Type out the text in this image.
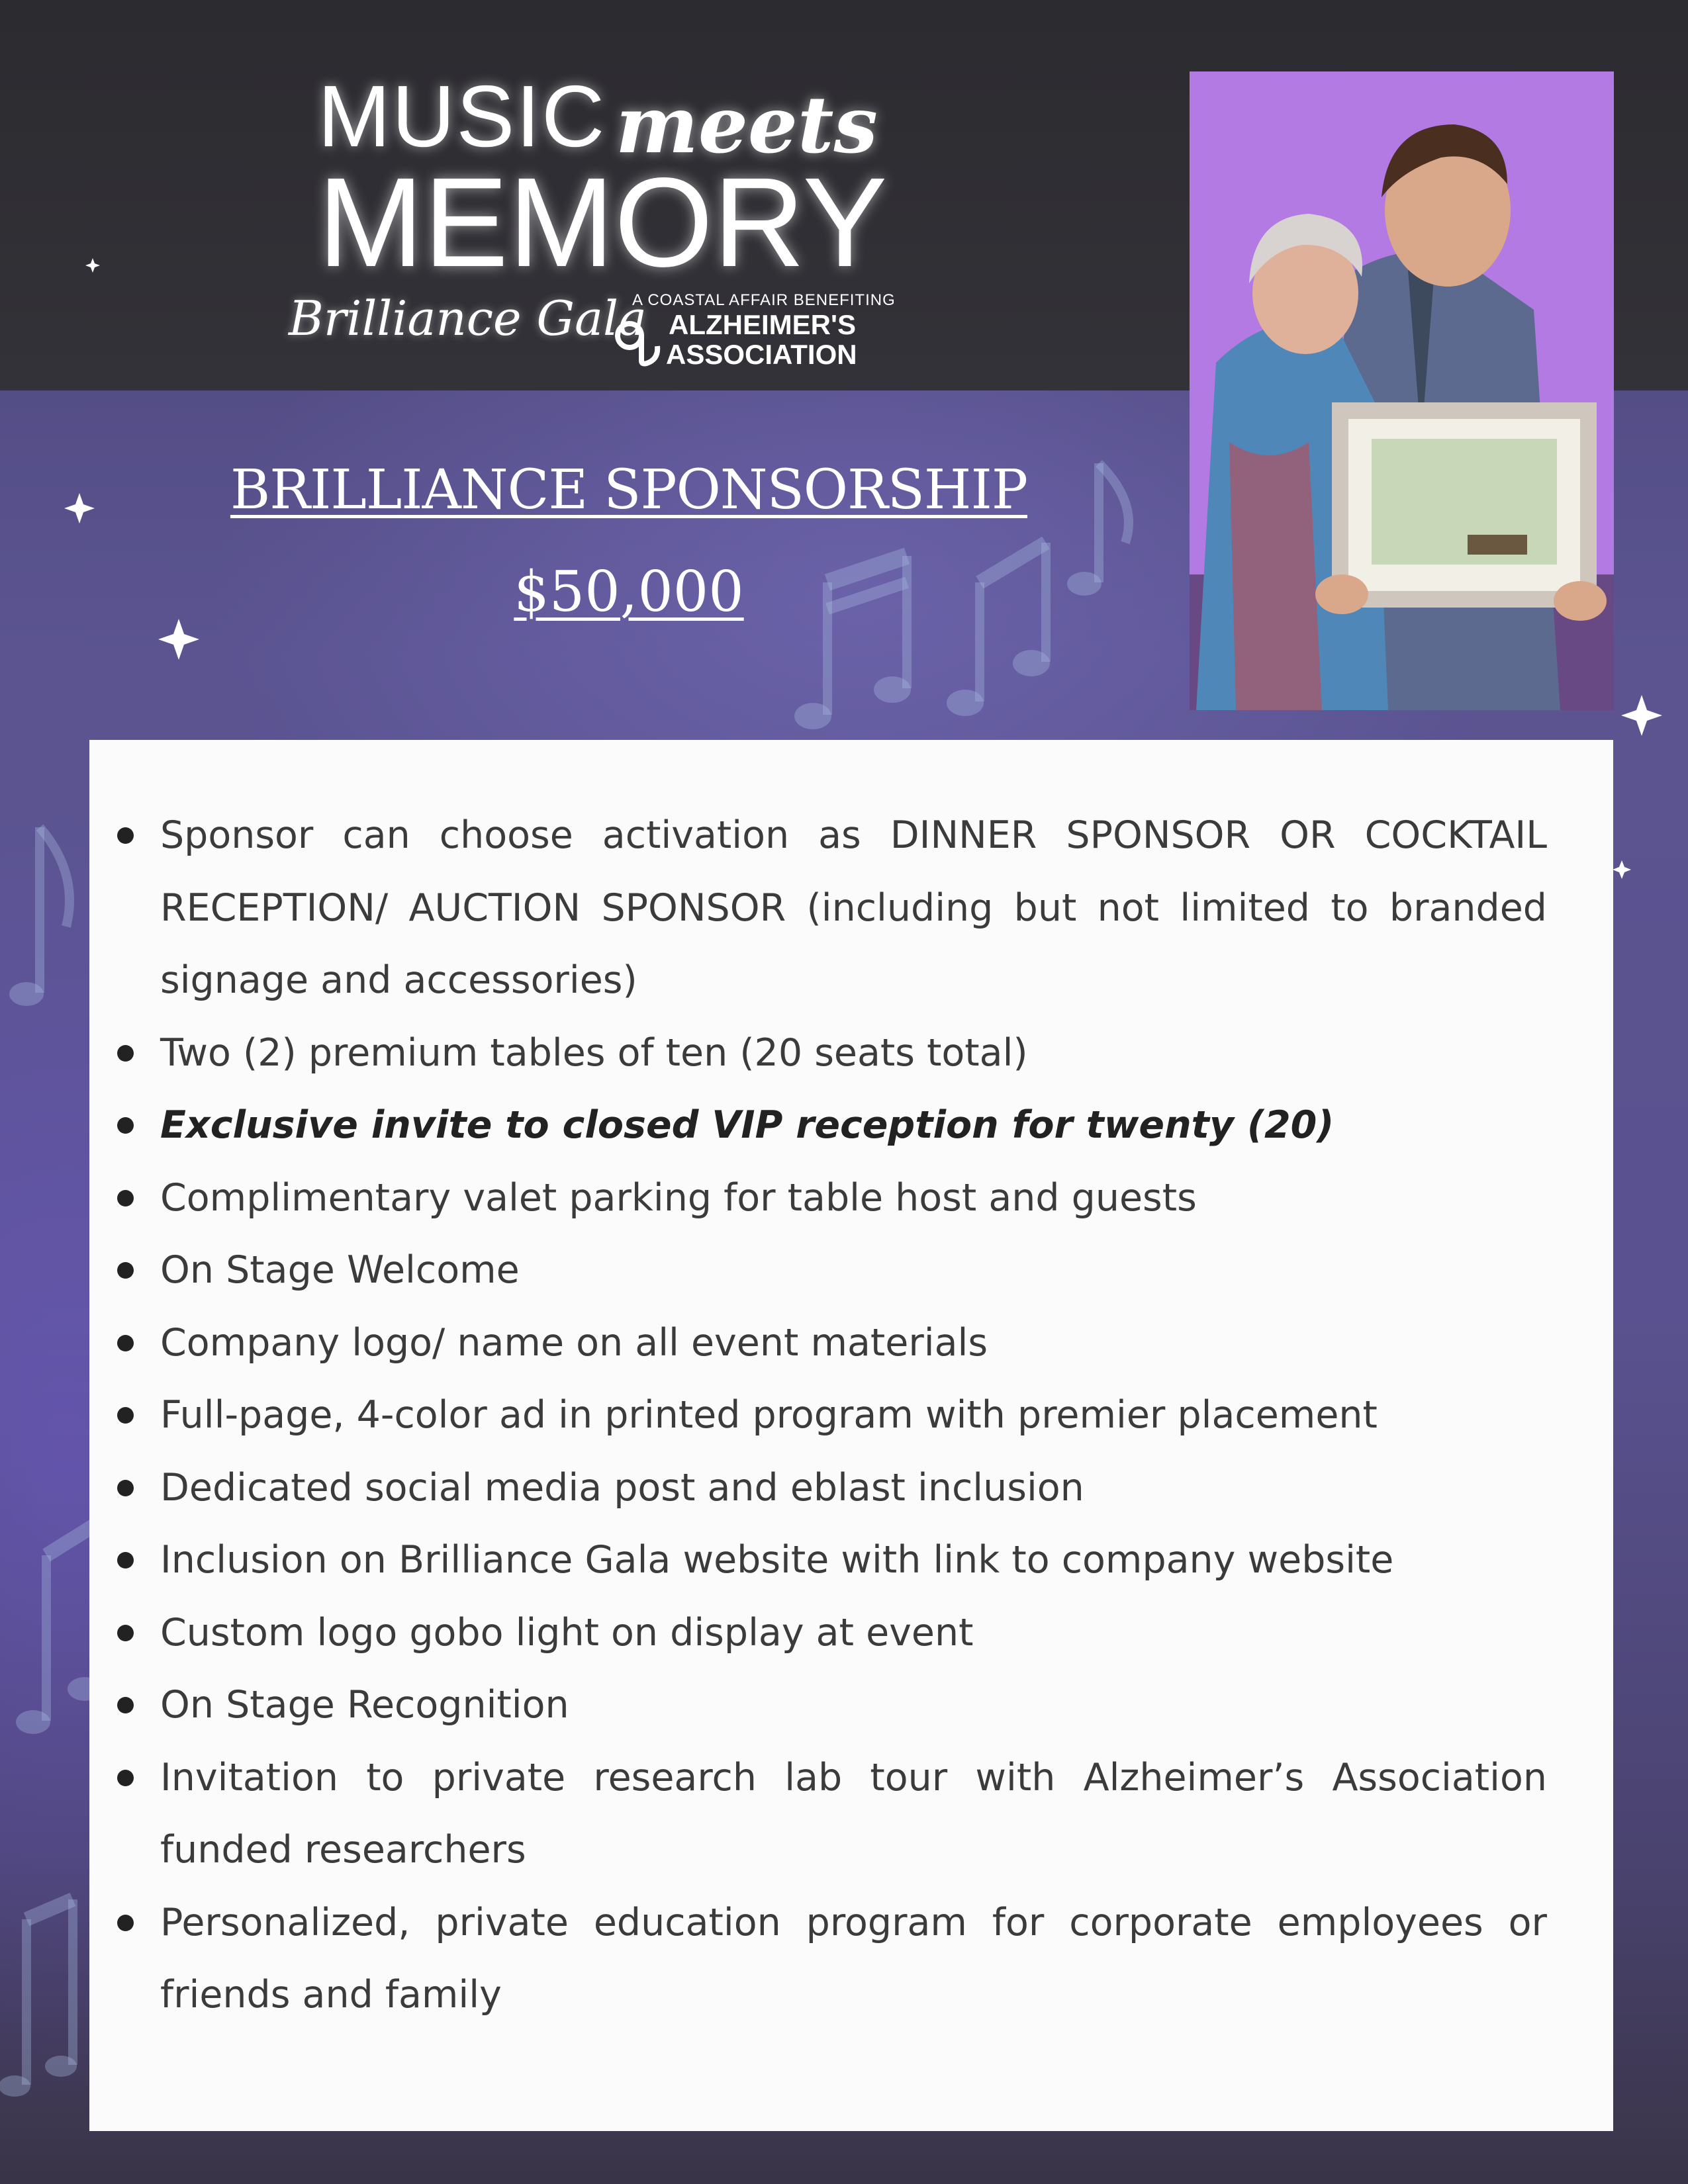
MUSIC meets
MEMORY
Brilliance Gala
A COASTAL AFFAIR BENEFITING
ALZHEIMER'S
ASSOCIATION
BRILLIANCE SPONSORSHIP
$50,000
Sponsor can choose activation as DINNER SPONSOR OR COCKTAIL RECEPTION/ AUCTION SPONSOR (including but not limited to branded signage and accessories)
Two (2) premium tables of ten (20 seats total)
Exclusive invite to closed VIP reception for twenty (20)
Complimentary valet parking for table host and guests
On Stage Welcome
Company logo/ name on all event materials
Full-page, 4-color ad in printed program with premier placement
Dedicated social media post and eblast inclusion
Inclusion on Brilliance Gala website with link to company website
Custom logo gobo light on display at event
On Stage Recognition
Invitation to private research lab tour with Alzheimer’s Association funded researchers
Personalized, private education program for corporate employees or friends and family
